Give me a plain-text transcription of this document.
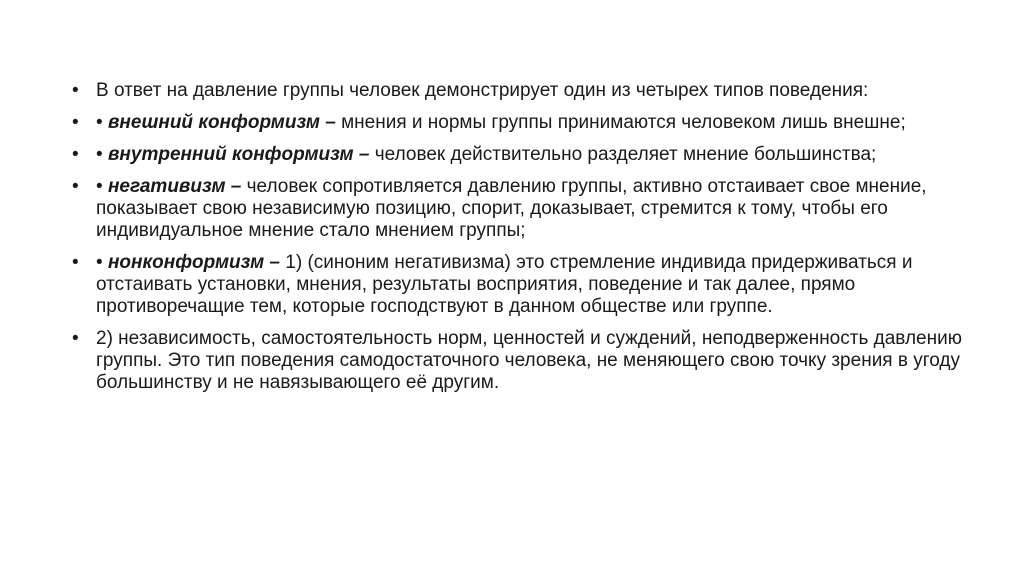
• В ответ на давление группы человек демонстрирует один из четырех типов поведения:
• • внешний конформизм – мнения и нормы группы принимаются человеком лишь внешне;
• • внутренний конформизм – человек действительно разделяет мнение большинства;
• • негативизм – человек сопротивляется давлению группы, активно отстаивает свое мнение, показывает свою независимую позицию, спорит, доказывает, стремится к тому, чтобы его индивидуальное мнение стало мнением группы;
• • нонконформизм – 1) (синоним негативизма) это стремление индивида придерживаться и отстаивать установки, мнения, результаты восприятия, поведение и так далее, прямо противоречащие тем, которые господствуют в данном обществе или группе.
• 2) независимость, самостоятельность норм, ценностей и суждений, неподверженность давлению группы. Это тип поведения самодостаточного человека, не меняющего свою точку зрения в угоду большинству и не навязывающего её другим.
